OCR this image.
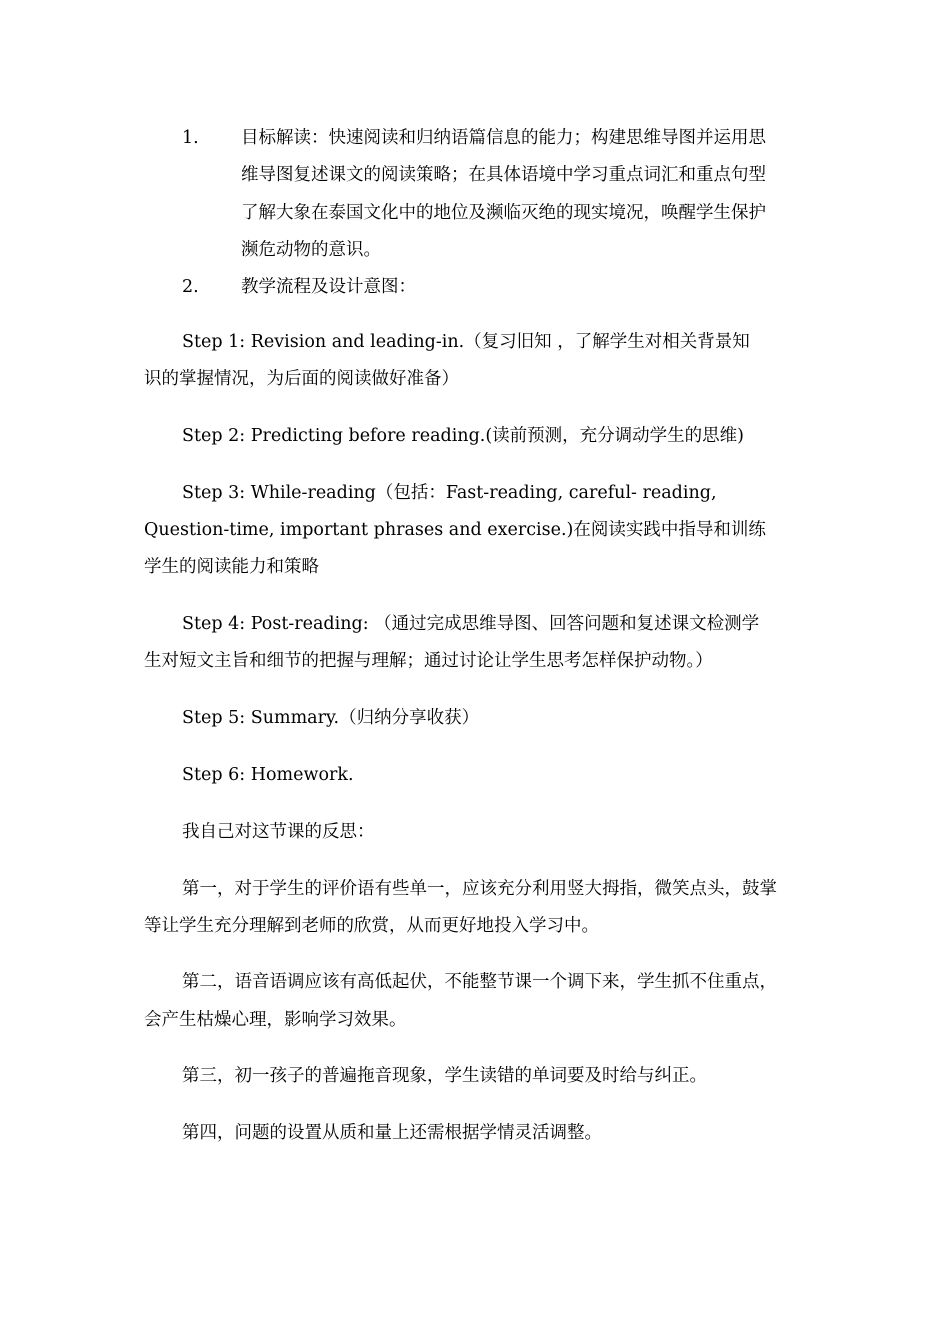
1. 目标解读：快速阅读和归纳语篇信息的能力；构建思维导图并运用思
维导图复述课文的阅读策略；在具体语境中学习重点词汇和重点句型
了解大象在泰国文化中的地位及濒临灭绝的现实境况，唤醒学生保护
濒危动物的意识。
2. 教学流程及设计意图：
Step 1: Revision and leading-in.（复习旧知 ，了解学生对相关背景知
识的掌握情况，为后面的阅读做好准备）
Step 2: Predicting before reading.(读前预测，充分调动学生的思维)
Step 3: While-reading（包括：Fast-reading, careful- reading,
Question-time, important phrases and exercise.)在阅读实践中指导和训练
学生的阅读能力和策略
Step 4: Post-reading: （通过完成思维导图、回答问题和复述课文检测学
生对短文主旨和细节的把握与理解；通过讨论让学生思考怎样保护动物。）
Step 5: Summary.（归纳分享收获）
Step 6: Homework.
我自己对这节课的反思：
第一，对于学生的评价语有些单一，应该充分利用竖大拇指，微笑点头，鼓掌
等让学生充分理解到老师的欣赏，从而更好地投入学习中。
第二，语音语调应该有高低起伏，不能整节课一个调下来，学生抓不住重点，
会产生枯燥心理，影响学习效果。
第三，初一孩子的普遍拖音现象，学生读错的单词要及时给与纠正。
第四，问题的设置从质和量上还需根据学情灵活调整。
